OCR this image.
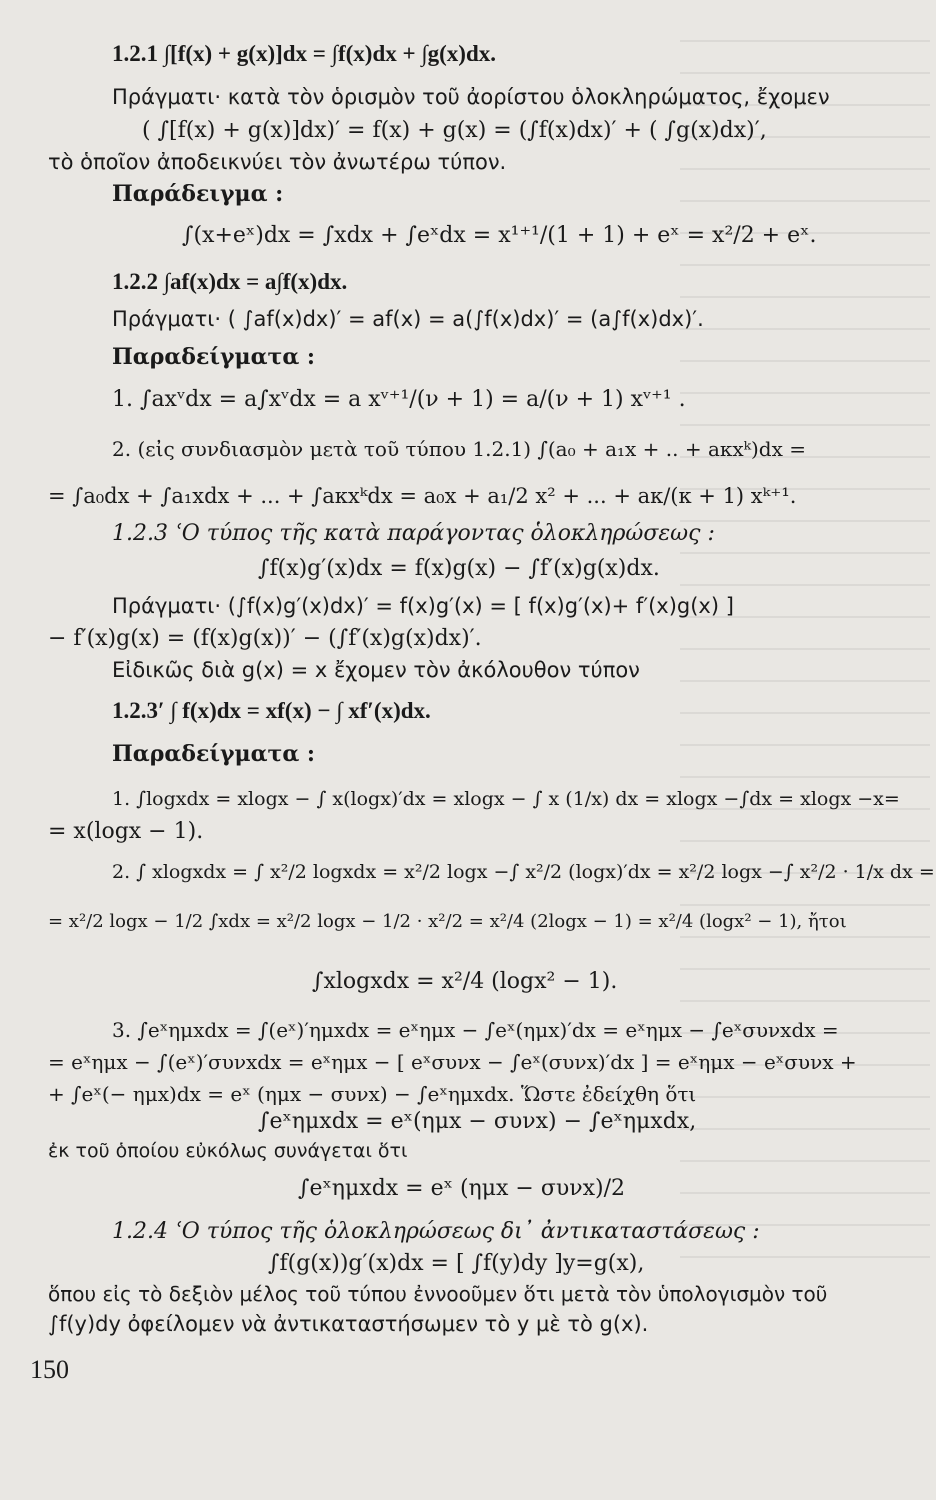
1.2.1 ∫[f(x) + g(x)]dx = ∫f(x)dx + ∫g(x)dx.
Πράγματι· κατὰ τὸν ὁρισμὸν τοῦ ἀορίστου ὁλοκληρώματος, ἔχομεν
( ∫[f(x) + g(x)]dx)′ = f(x) + g(x) = (∫f(x)dx)′ + ( ∫g(x)dx)′,
τὸ ὁποῖον ἀποδεικνύει τὸν ἀνωτέρω τύπον.
Παράδειγμα :
∫(x+eˣ)dx = ∫xdx + ∫eˣdx = x¹⁺¹/(1 + 1) + eˣ = x²/2 + eˣ.
1.2.2 ∫af(x)dx = a∫f(x)dx.
Πράγματι· ( ∫af(x)dx)′ = af(x) = a(∫f(x)dx)′ = (a∫f(x)dx)′.
Παραδείγματα :
1. ∫axᵛdx = a∫xᵛdx = a xᵛ⁺¹/(ν + 1) = a/(ν + 1) xᵛ⁺¹ .
2. (εἰς συνδιασμὸν μετὰ τοῦ τύπου 1.2.1) ∫(a₀ + a₁x + .. + aκxᵏ)dx =
= ∫a₀dx + ∫a₁xdx + ... + ∫aκxᵏdx = a₀x + a₁/2 x² + ... + aκ/(κ + 1) xᵏ⁺¹.
1.2.3 ʿΟ τύπος τῆς κατὰ παράγοντας ὁλοκληρώσεως :
∫f(x)g′(x)dx = f(x)g(x) − ∫f′(x)g(x)dx.
Πράγματι· (∫f(x)g′(x)dx)′ = f(x)g′(x) = [ f(x)g′(x)+ f′(x)g(x) ]
− f′(x)g(x) = (f(x)g(x))′ − (∫f′(x)g(x)dx)′.
Εἰδικῶς διὰ g(x) = x ἔχομεν τὸν ἀκόλουθον τύπον
1.2.3′ ∫ f(x)dx = xf(x) − ∫ xf′(x)dx.
Παραδείγματα :
1. ∫logxdx = xlogx − ∫ x(logx)′dx = xlogx − ∫ x (1/x) dx = xlogx −∫dx = xlogx −x=
= x(logx − 1).
2. ∫ xlogxdx = ∫ x²/2 logxdx = x²/2 logx −∫ x²/2 (logx)′dx = x²/2 logx −∫ x²/2 · 1/x dx =
= x²/2 logx − 1/2 ∫xdx = x²/2 logx − 1/2 · x²/2 = x²/4 (2logx − 1) = x²/4 (logx² − 1), ἤτοι
∫xlogxdx = x²/4 (logx² − 1).
3. ∫eˣημxdx = ∫(eˣ)′ημxdx = eˣημx − ∫eˣ(ημx)′dx = eˣημx − ∫eˣσυνxdx =
= eˣημx − ∫(eˣ)′συνxdx = eˣημx − [ eˣσυνx − ∫eˣ(συνx)′dx ] = eˣημx − eˣσυνx +
+ ∫eˣ(− ημx)dx = eˣ (ημx − συνx) − ∫eˣημxdx. Ὥστε ἐδείχθη ὅτι
∫eˣημxdx = eˣ(ημx − συνx) − ∫eˣημxdx,
ἐκ τοῦ ὁποίου εὐκόλως συνάγεται ὅτι
∫eˣημxdx = eˣ (ημx − συνx)/2
1.2.4 ʿΟ τύπος τῆς ὁλοκληρώσεως δι᾽ ἀντικαταστάσεως :
∫f(g(x))g′(x)dx = [ ∫f(y)dy ]y=g(x),
ὅπου εἰς τὸ δεξιὸν μέλος τοῦ τύπου ἐννοοῦμεν ὅτι μετὰ τὸν ὑπολογισμὸν τοῦ
∫f(y)dy ὀφείλομεν νὰ ἀντικαταστήσωμεν τὸ y μὲ τὸ g(x).
150
